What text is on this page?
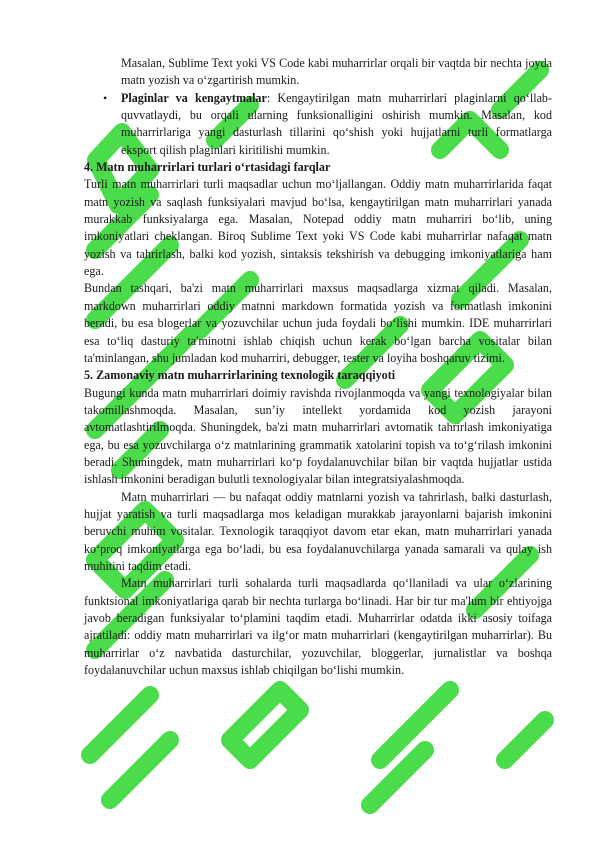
Masalan, Sublime Text yoki VS Code kabi muharrirlar orqali bir vaqtda bir nechta joyda matn yozish va o‘zgartirish mumkin.

• Plaginlar va kengaytmalar: Kengaytirilgan matn muharrirlari plaginlarni qo‘llab-quvvatlaydi, bu orqali ularning funksionalligini oshirish mumkin. Masalan, kod muharrirlariga yangi dasturlash tillarini qo‘shish yoki hujjatlarni turli formatlarga eksport qilish plaginlari kiritilishi mumkin.

4. Matn muharrirlari turlari o‘rtasidagi farqlar

Turli matn muharrirlari turli maqsadlar uchun mo‘ljallangan. Oddiy matn muharrirlarida faqat matn yozish va saqlash funksiyalari mavjud bo‘lsa, kengaytirilgan matn muharrirlari yanada murakkab funksiyalarga ega. Masalan, Notepad oddiy matn muharriri bo‘lib, uning imkoniyatlari cheklangan. Biroq Sublime Text yoki VS Code kabi muharrirlar nafaqat matn yozish va tahrirlash, balki kod yozish, sintaksis tekshirish va debugging imkoniyatlariga ham ega.

Bundan tashqari, ba'zi matn muharrirlari maxsus maqsadlarga xizmat qiladi. Masalan, markdown muharrirlari oddiy matnni markdown formatida yozish va formatlash imkonini beradi, bu esa blogerlar va yozuvchilar uchun juda foydali bo‘lishi mumkin. IDE muharrirlari esa to‘liq dasturiy ta'minotni ishlab chiqish uchun kerak bo‘lgan barcha vositalar bilan ta'minlangan, shu jumladan kod muharriri, debugger, tester va loyiha boshqaruv tizimi.

5. Zamonaviy matn muharrirlarining texnologik taraqqiyoti

Bugungi kunda matn muharrirlari doimiy ravishda rivojlanmoqda va yangi texnologiyalar bilan takomillashmoqda. Masalan, sun’iy intellekt yordamida kod yozish jarayoni avtomatlashtirilmoqda. Shuningdek, ba'zi matn muharrirlari avtomatik tahrirlash imkoniyatiga ega, bu esa yozuvchilarga o‘z matnlarining grammatik xatolarini topish va to‘g‘rilash imkonini beradi. Shuningdek, matn muharrirlari ko‘p foydalanuvchilar bilan bir vaqtda hujjatlar ustida ishlash imkonini beradigan bulutli texnologiyalar bilan integratsiyalashmoqda.

Matn muharrirlari — bu nafaqat oddiy matnlarni yozish va tahrirlash, balki dasturlash, hujjat yaratish va turli maqsadlarga mos keladigan murakkab jarayonlarni bajarish imkonini beruvchi muhim vositalar. Texnologik taraqqiyot davom etar ekan, matn muharrirlari yanada ko‘proq imkoniyatlarga ega bo‘ladi, bu esa foydalanuvchilarga yanada samarali va qulay ish muhitini taqdim etadi.

Matn muharrirlari turli sohalarda turli maqsadlarda qo‘llaniladi va ular o‘zlarining funktsional imkoniyatlariga qarab bir nechta turlarga bo‘linadi. Har bir tur ma'lum bir ehtiyojga javob beradigan funksiyalar to‘plamini taqdim etadi. Muharrirlar odatda ikki asosiy toifaga ajratiladi: oddiy matn muharrirlari va ilg‘or matn muharrirlari (kengaytirilgan muharrirlar). Bu muharrirlar o‘z navbatida dasturchilar, yozuvchilar, bloggerlar, jurnalistlar va boshqa foydalanuvchilar uchun maxsus ishlab chiqilgan bo‘lishi mumkin.
